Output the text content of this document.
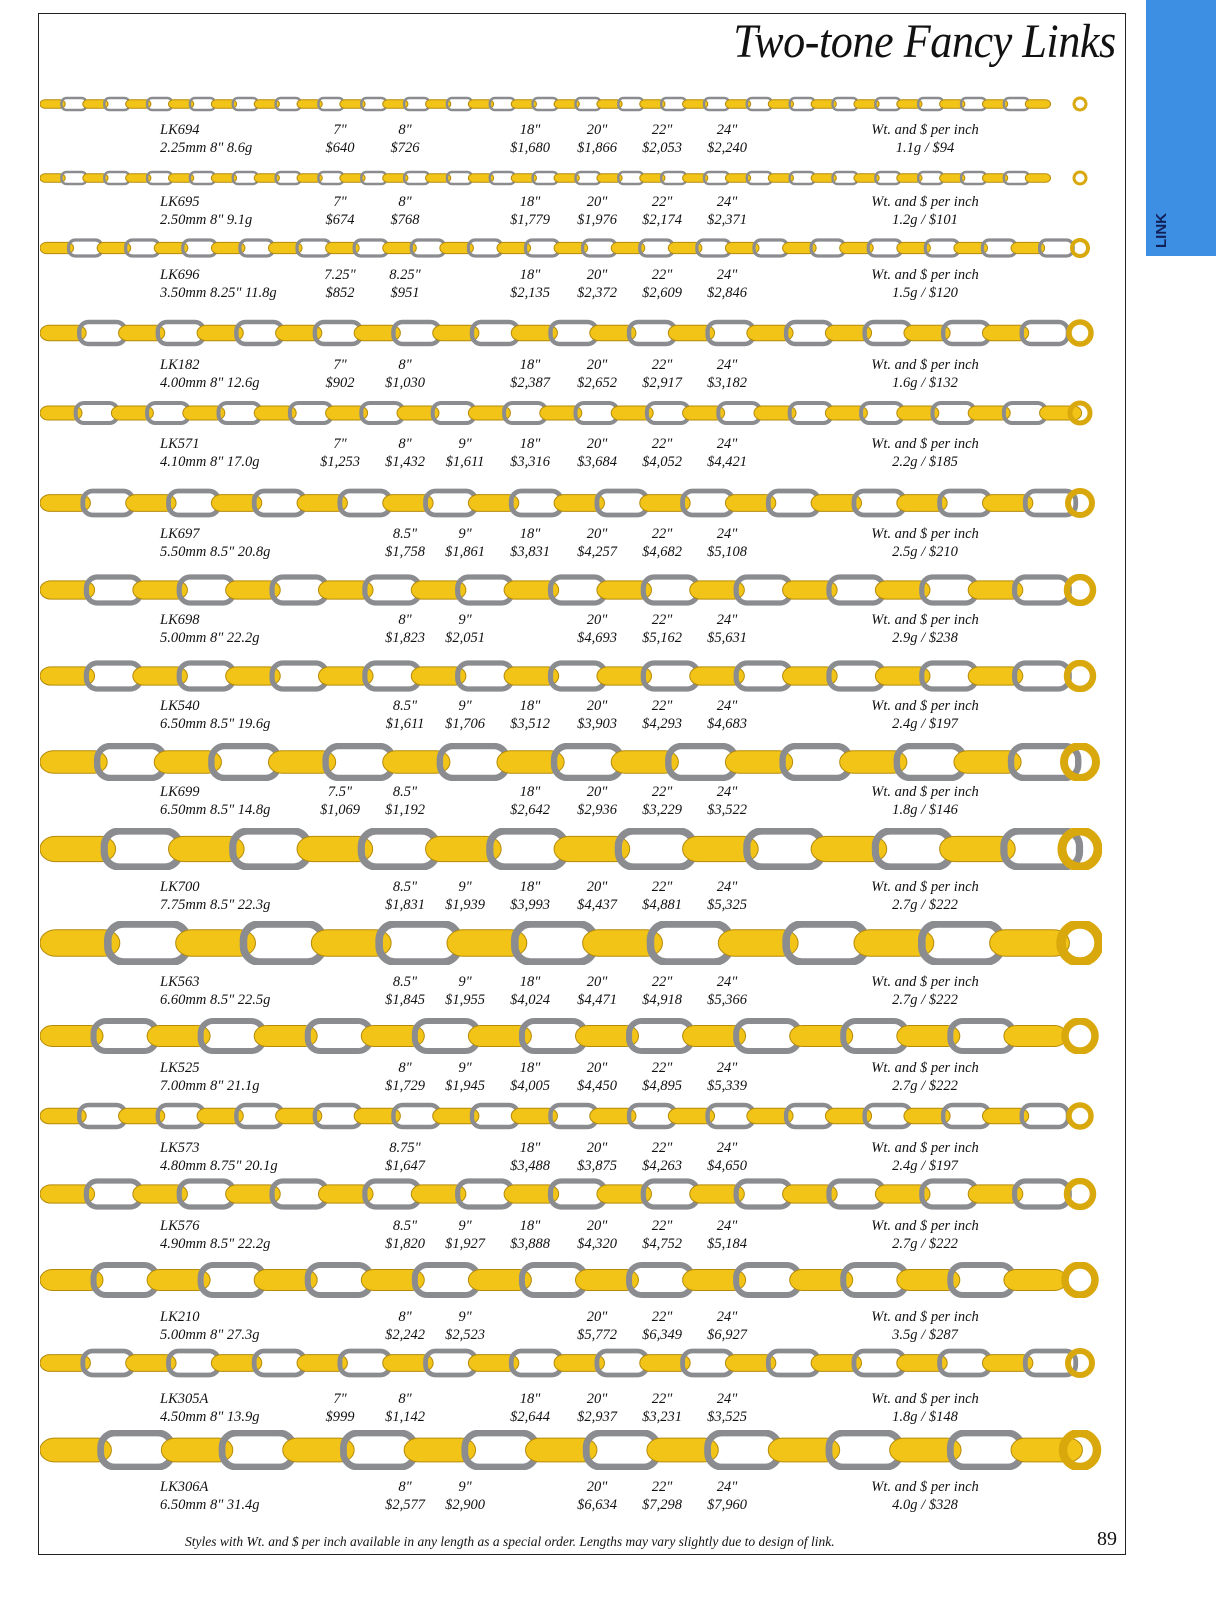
Two-tone Fancy Links
LINK
LK694
2.25mm 8" 8.6g
7"
$640
8"
$726
18"
$1,680
20"
$1,866
22"
$2,053
24"
$2,240
Wt. and $ per inch
1.1g / $94
LK695
2.50mm 8" 9.1g
7"
$674
8"
$768
18"
$1,779
20"
$1,976
22"
$2,174
24"
$2,371
Wt. and $ per inch
1.2g / $101
LK696
3.50mm 8.25" 11.8g
7.25"
$852
8.25"
$951
18"
$2,135
20"
$2,372
22"
$2,609
24"
$2,846
Wt. and $ per inch
1.5g / $120
LK182
4.00mm 8" 12.6g
7"
$902
8"
$1,030
18"
$2,387
20"
$2,652
22"
$2,917
24"
$3,182
Wt. and $ per inch
1.6g / $132
LK571
4.10mm 8" 17.0g
7"
$1,253
8"
$1,432
9"
$1,611
18"
$3,316
20"
$3,684
22"
$4,052
24"
$4,421
Wt. and $ per inch
2.2g / $185
LK697
5.50mm 8.5" 20.8g
8.5"
$1,758
9"
$1,861
18"
$3,831
20"
$4,257
22"
$4,682
24"
$5,108
Wt. and $ per inch
2.5g / $210
LK698
5.00mm 8" 22.2g
8"
$1,823
9"
$2,051
20"
$4,693
22"
$5,162
24"
$5,631
Wt. and $ per inch
2.9g / $238
LK540
6.50mm 8.5" 19.6g
8.5"
$1,611
9"
$1,706
18"
$3,512
20"
$3,903
22"
$4,293
24"
$4,683
Wt. and $ per inch
2.4g / $197
LK699
6.50mm 8.5" 14.8g
7.5"
$1,069
8.5"
$1,192
18"
$2,642
20"
$2,936
22"
$3,229
24"
$3,522
Wt. and $ per inch
1.8g / $146
LK700
7.75mm 8.5" 22.3g
8.5"
$1,831
9"
$1,939
18"
$3,993
20"
$4,437
22"
$4,881
24"
$5,325
Wt. and $ per inch
2.7g / $222
LK563
6.60mm 8.5" 22.5g
8.5"
$1,845
9"
$1,955
18"
$4,024
20"
$4,471
22"
$4,918
24"
$5,366
Wt. and $ per inch
2.7g / $222
LK525
7.00mm 8" 21.1g
8"
$1,729
9"
$1,945
18"
$4,005
20"
$4,450
22"
$4,895
24"
$5,339
Wt. and $ per inch
2.7g / $222
LK573
4.80mm 8.75" 20.1g
8.75"
$1,647
18"
$3,488
20"
$3,875
22"
$4,263
24"
$4,650
Wt. and $ per inch
2.4g / $197
LK576
4.90mm 8.5" 22.2g
8.5"
$1,820
9"
$1,927
18"
$3,888
20"
$4,320
22"
$4,752
24"
$5,184
Wt. and $ per inch
2.7g / $222
LK210
5.00mm 8" 27.3g
8"
$2,242
9"
$2,523
20"
$5,772
22"
$6,349
24"
$6,927
Wt. and $ per inch
3.5g / $287
LK305A
4.50mm 8" 13.9g
7"
$999
8"
$1,142
18"
$2,644
20"
$2,937
22"
$3,231
24"
$3,525
Wt. and $ per inch
1.8g / $148
LK306A
6.50mm 8" 31.4g
8"
$2,577
9"
$2,900
20"
$6,634
22"
$7,298
24"
$7,960
Wt. and $ per inch
4.0g / $328
Styles with Wt. and $ per inch available in any length as a special order. Lengths may vary slightly due to design of link.	89
